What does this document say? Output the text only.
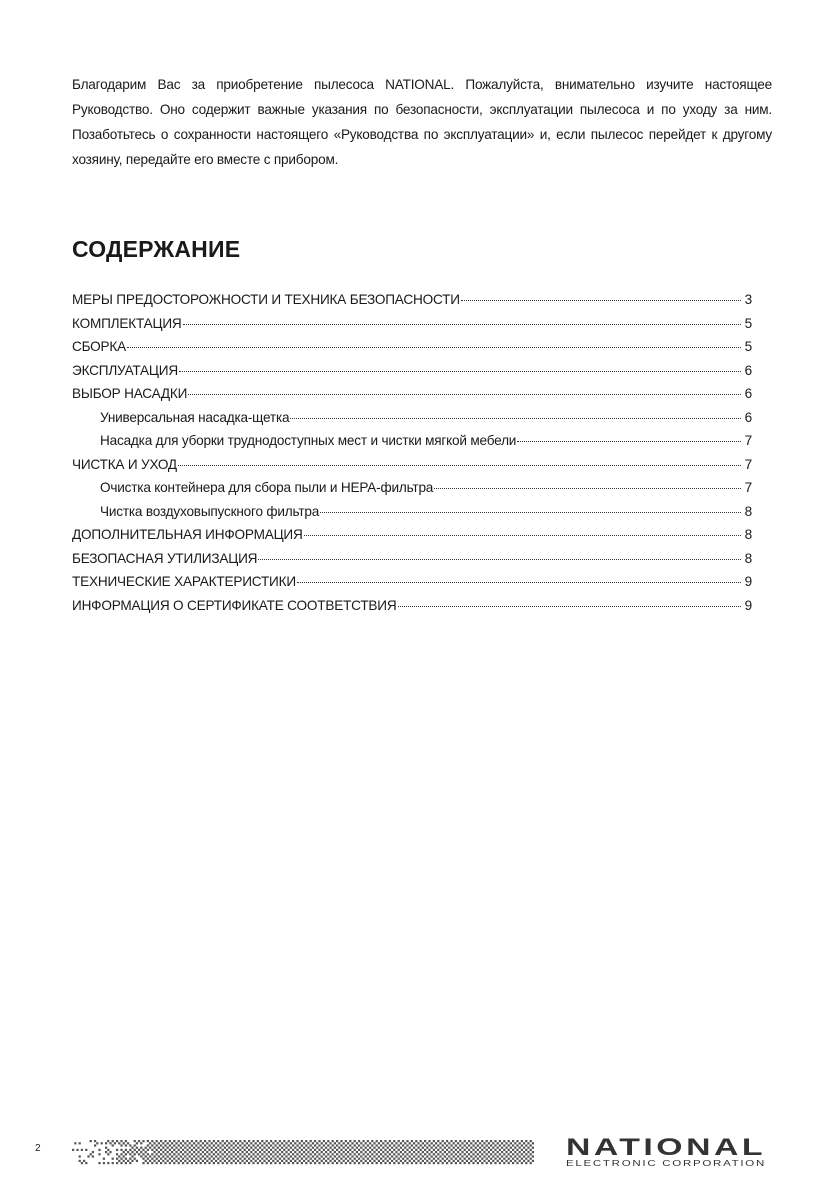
Благодарим Вас за приобретение пылесоса NATIONAL. Пожалуйста, внимательно изучите настоящее Руководство. Оно содержит важные указания по безопасности, эксплуатации пылесоса и по уходу за ним. Позаботьтесь о сохранности настоящего «Руководства по эксплуатации» и, если пылесос перейдет к другому хозяину, передайте его вместе с прибором.

СОДЕРЖАНИЕ
МЕРЫ ПРЕДОСТОРОЖНОСТИ И ТЕХНИКА БЕЗОПАСНОСТИ	3
КОМПЛЕКТАЦИЯ	5
СБОРКА	5
ЭКСПЛУАТАЦИЯ	6
ВЫБОР НАСАДКИ	6
Универсальная насадка-щетка	6
Насадка для уборки труднодоступных мест и чистки мягкой мебели	7
ЧИСТКА И УХОД	7
Очистка контейнера для сбора пыли и НЕРА-фильтра	7
Чистка воздуховыпускного фильтра	8
ДОПОЛНИТЕЛЬНАЯ ИНФОРМАЦИЯ	8
БЕЗОПАСНАЯ УТИЛИЗАЦИЯ	8
ТЕХНИЧЕСКИЕ ХАРАКТЕРИСТИКИ	9
ИНФОРМАЦИЯ О СЕРТИФИКАТЕ СООТВЕТСТВИЯ	9

2	NATIONAL
ELECTRONIC CORPORATION
